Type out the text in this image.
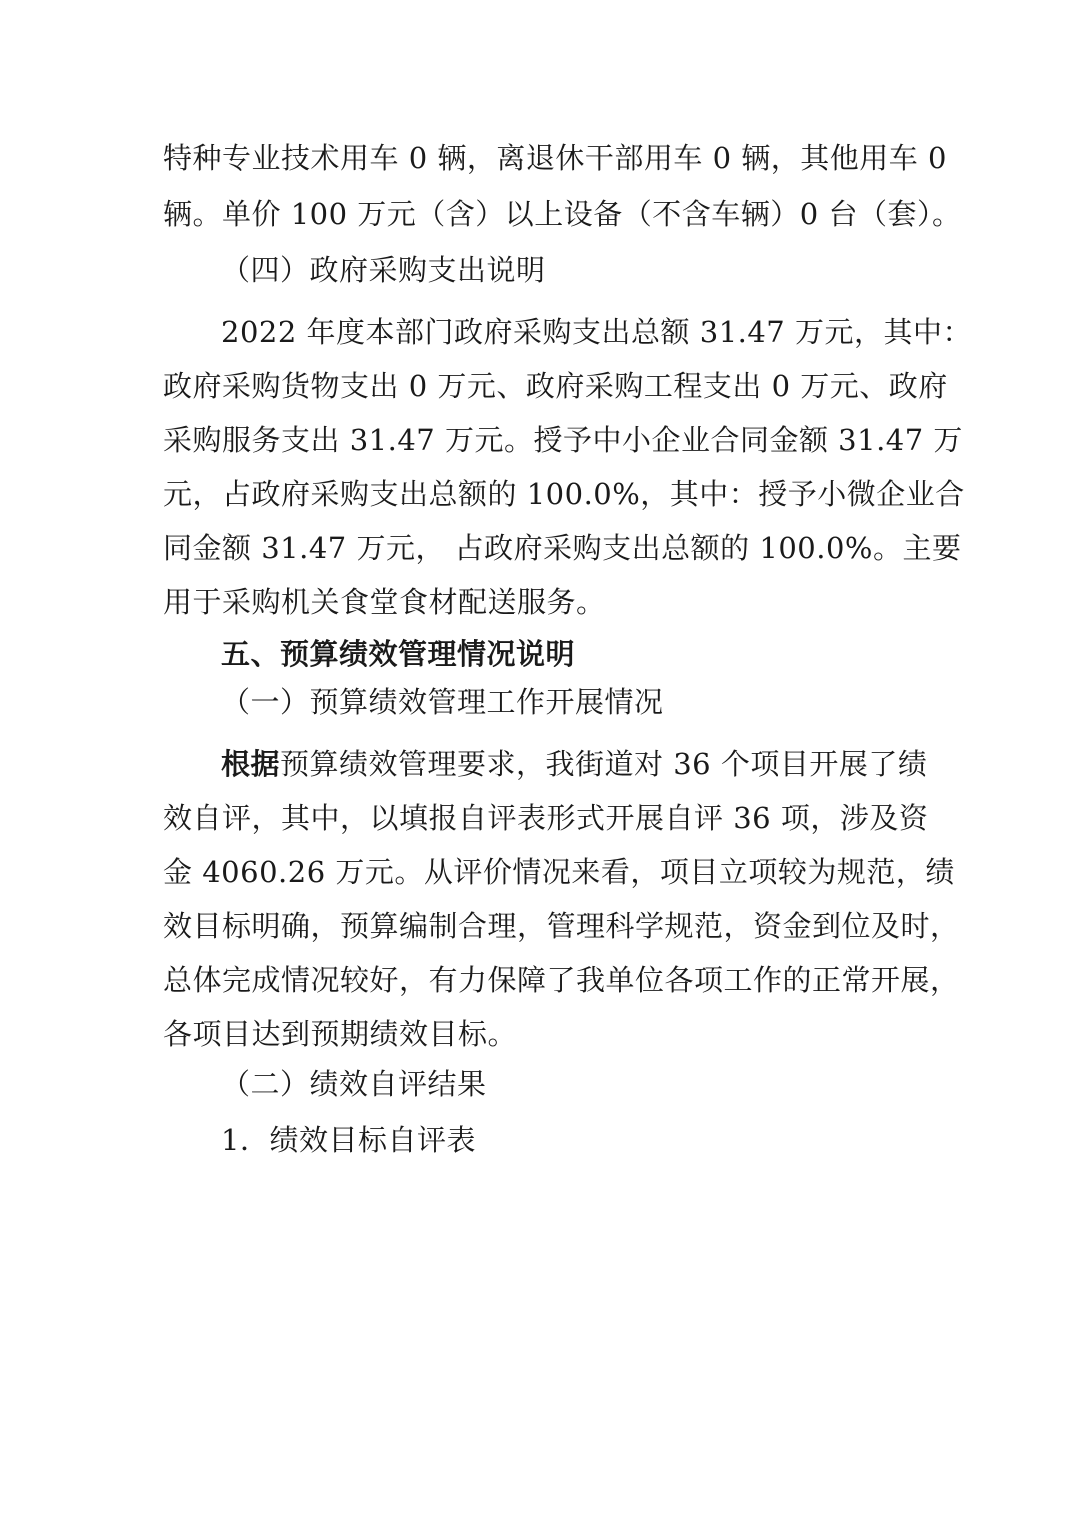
特种专业技术用车 0 辆，离退休干部用车 0 辆，其他用车 0
辆。单价 100 万元（含）以上设备（不含车辆）0 台（套）。
（四）政府采购支出说明
2022 年度本部门政府采购支出总额 31.47 万元，其中：
政府采购货物支出 0 万元、政府采购工程支出 0 万元、政府
采购服务支出 31.47 万元。授予中小企业合同金额 31.47 万
元，占政府采购支出总额的 100.0%，其中：授予小微企业合
同金额 31.47 万元， 占政府采购支出总额的 100.0%。主要
用于采购机关食堂食材配送服务。
五、预算绩效管理情况说明
（一）预算绩效管理工作开展情况
根据预算绩效管理要求，我街道对 36 个项目开展了绩
效自评，其中，以填报自评表形式开展自评 36 项，涉及资
金 4060.26 万元。从评价情况来看，项目立项较为规范，绩
效目标明确，预算编制合理，管理科学规范，资金到位及时，
总体完成情况较好，有力保障了我单位各项工作的正常开展，
各项目达到预期绩效目标。
（二）绩效自评结果
1．绩效目标自评表
